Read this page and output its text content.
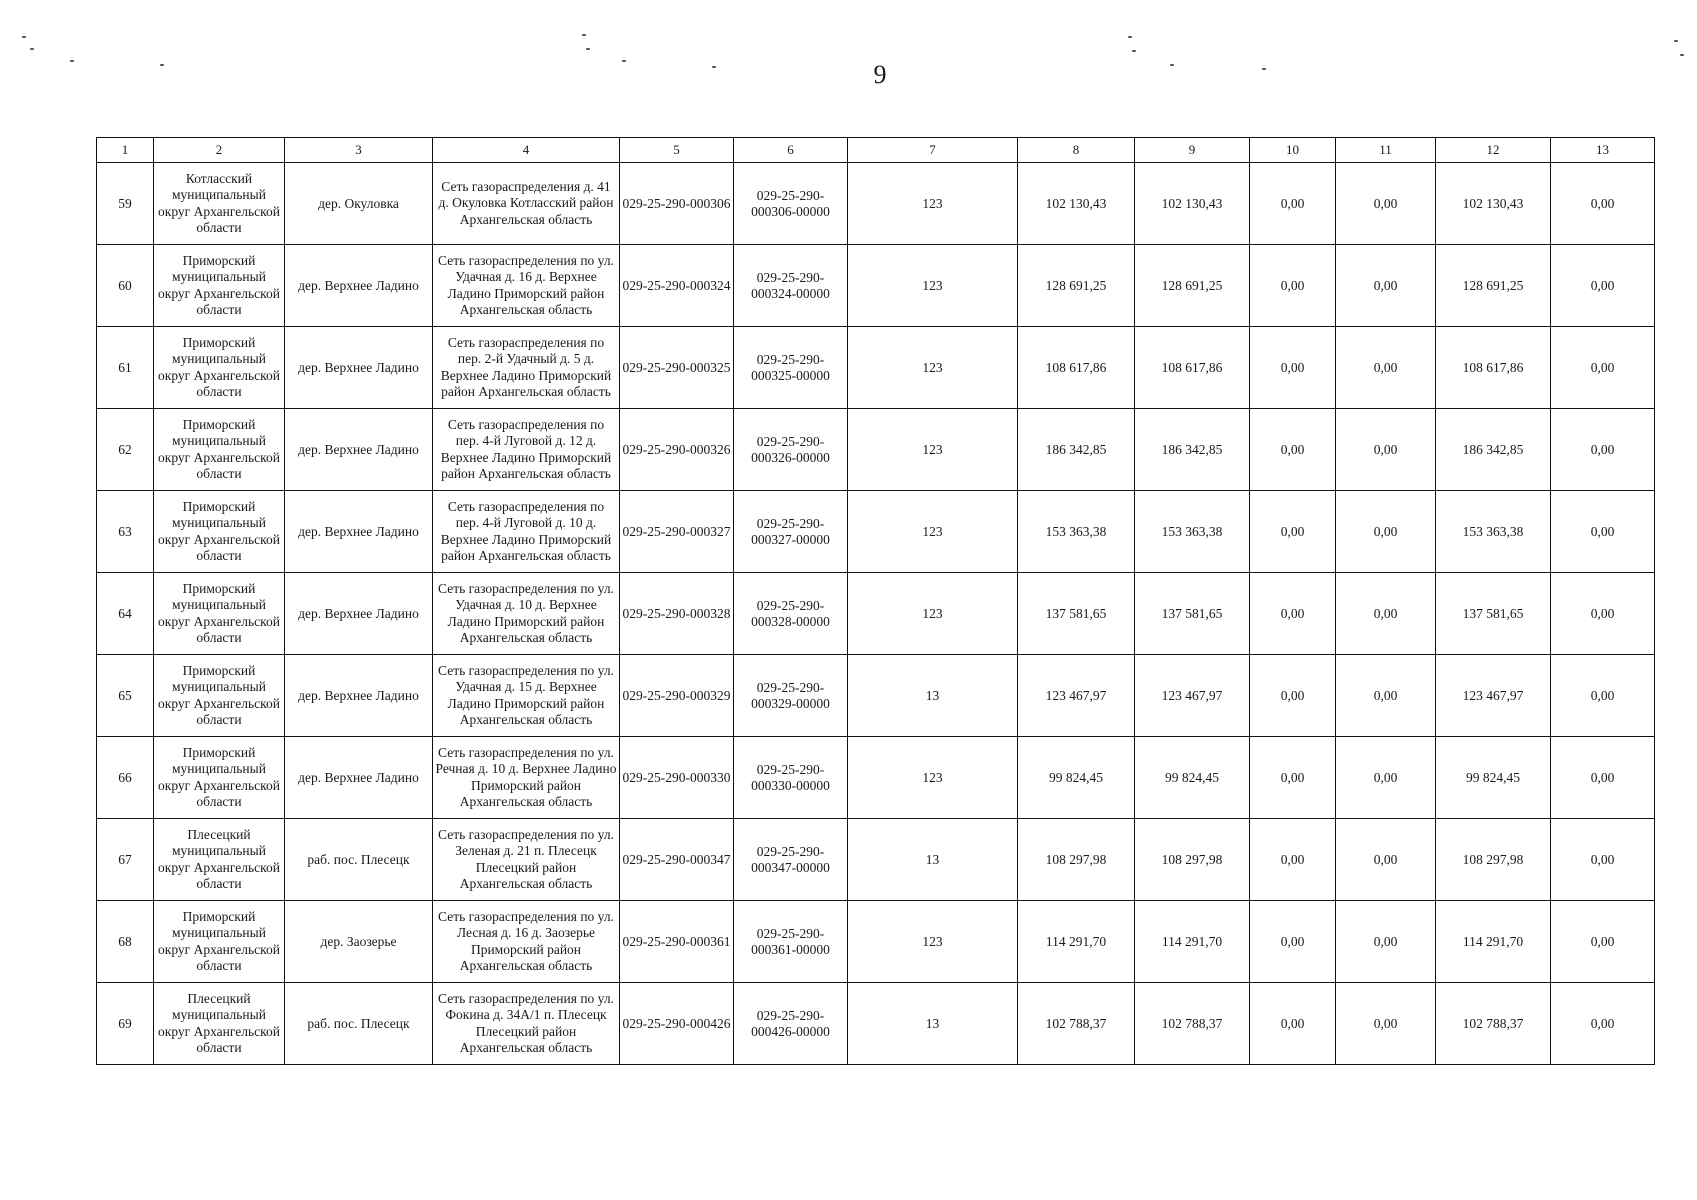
9
1	2	3	4	5	6	7	8	9	10	11	12	13
59	Котласский муниципальный округ Архангельской области	дер. Окуловка	Сеть газораспределения д. 41 д. Окуловка Котласский район Архангельская область	029-25-290-000306	029-25-290-000306-00000	123	102 130,43	102 130,43	0,00	0,00	102 130,43	0,00
60	Приморский муниципальный округ Архангельской области	дер. Верхнее Ладино	Сеть газораспределения по ул. Удачная д. 16 д. Верхнее Ладино Приморский район Архангельская область	029-25-290-000324	029-25-290-000324-00000	123	128 691,25	128 691,25	0,00	0,00	128 691,25	0,00
61	Приморский муниципальный округ Архангельской области	дер. Верхнее Ладино	Сеть газораспределения по пер. 2-й Удачный д. 5 д. Верхнее Ладино Приморский район Архангельская область	029-25-290-000325	029-25-290-000325-00000	123	108 617,86	108 617,86	0,00	0,00	108 617,86	0,00
62	Приморский муниципальный округ Архангельской области	дер. Верхнее Ладино	Сеть газораспределения по пер. 4-й Луговой д. 12 д. Верхнее Ладино Приморский район Архангельская область	029-25-290-000326	029-25-290-000326-00000	123	186 342,85	186 342,85	0,00	0,00	186 342,85	0,00
63	Приморский муниципальный округ Архангельской области	дер. Верхнее Ладино	Сеть газораспределения по пер. 4-й Луговой д. 10 д. Верхнее Ладино Приморский район Архангельская область	029-25-290-000327	029-25-290-000327-00000	123	153 363,38	153 363,38	0,00	0,00	153 363,38	0,00
64	Приморский муниципальный округ Архангельской области	дер. Верхнее Ладино	Сеть газораспределения по ул. Удачная д. 10 д. Верхнее Ладино Приморский район Архангельская область	029-25-290-000328	029-25-290-000328-00000	123	137 581,65	137 581,65	0,00	0,00	137 581,65	0,00
65	Приморский муниципальный округ Архангельской области	дер. Верхнее Ладино	Сеть газораспределения по ул. Удачная д. 15 д. Верхнее Ладино Приморский район Архангельская область	029-25-290-000329	029-25-290-000329-00000	13	123 467,97	123 467,97	0,00	0,00	123 467,97	0,00
66	Приморский муниципальный округ Архангельской области	дер. Верхнее Ладино	Сеть газораспределения по ул. Речная д. 10 д. Верхнее Ладино Приморский район Архангельская область	029-25-290-000330	029-25-290-000330-00000	123	99 824,45	99 824,45	0,00	0,00	99 824,45	0,00
67	Плесецкий муниципальный округ Архангельской области	раб. пос. Плесецк	Сеть газораспределения по ул. Зеленая д. 21 п. Плесецк Плесецкий район Архангельская область	029-25-290-000347	029-25-290-000347-00000	13	108 297,98	108 297,98	0,00	0,00	108 297,98	0,00
68	Приморский муниципальный округ Архангельской области	дер. Заозерье	Сеть газораспределения по ул. Лесная д. 16 д. Заозерье Приморский район Архангельская область	029-25-290-000361	029-25-290-000361-00000	123	114 291,70	114 291,70	0,00	0,00	114 291,70	0,00
69	Плесецкий муниципальный округ Архангельской области	раб. пос. Плесецк	Сеть газораспределения по ул. Фокина д. 34А/1 п. Плесецк Плесецкий район Архангельская область	029-25-290-000426	029-25-290-000426-00000	13	102 788,37	102 788,37	0,00	0,00	102 788,37	0,00
